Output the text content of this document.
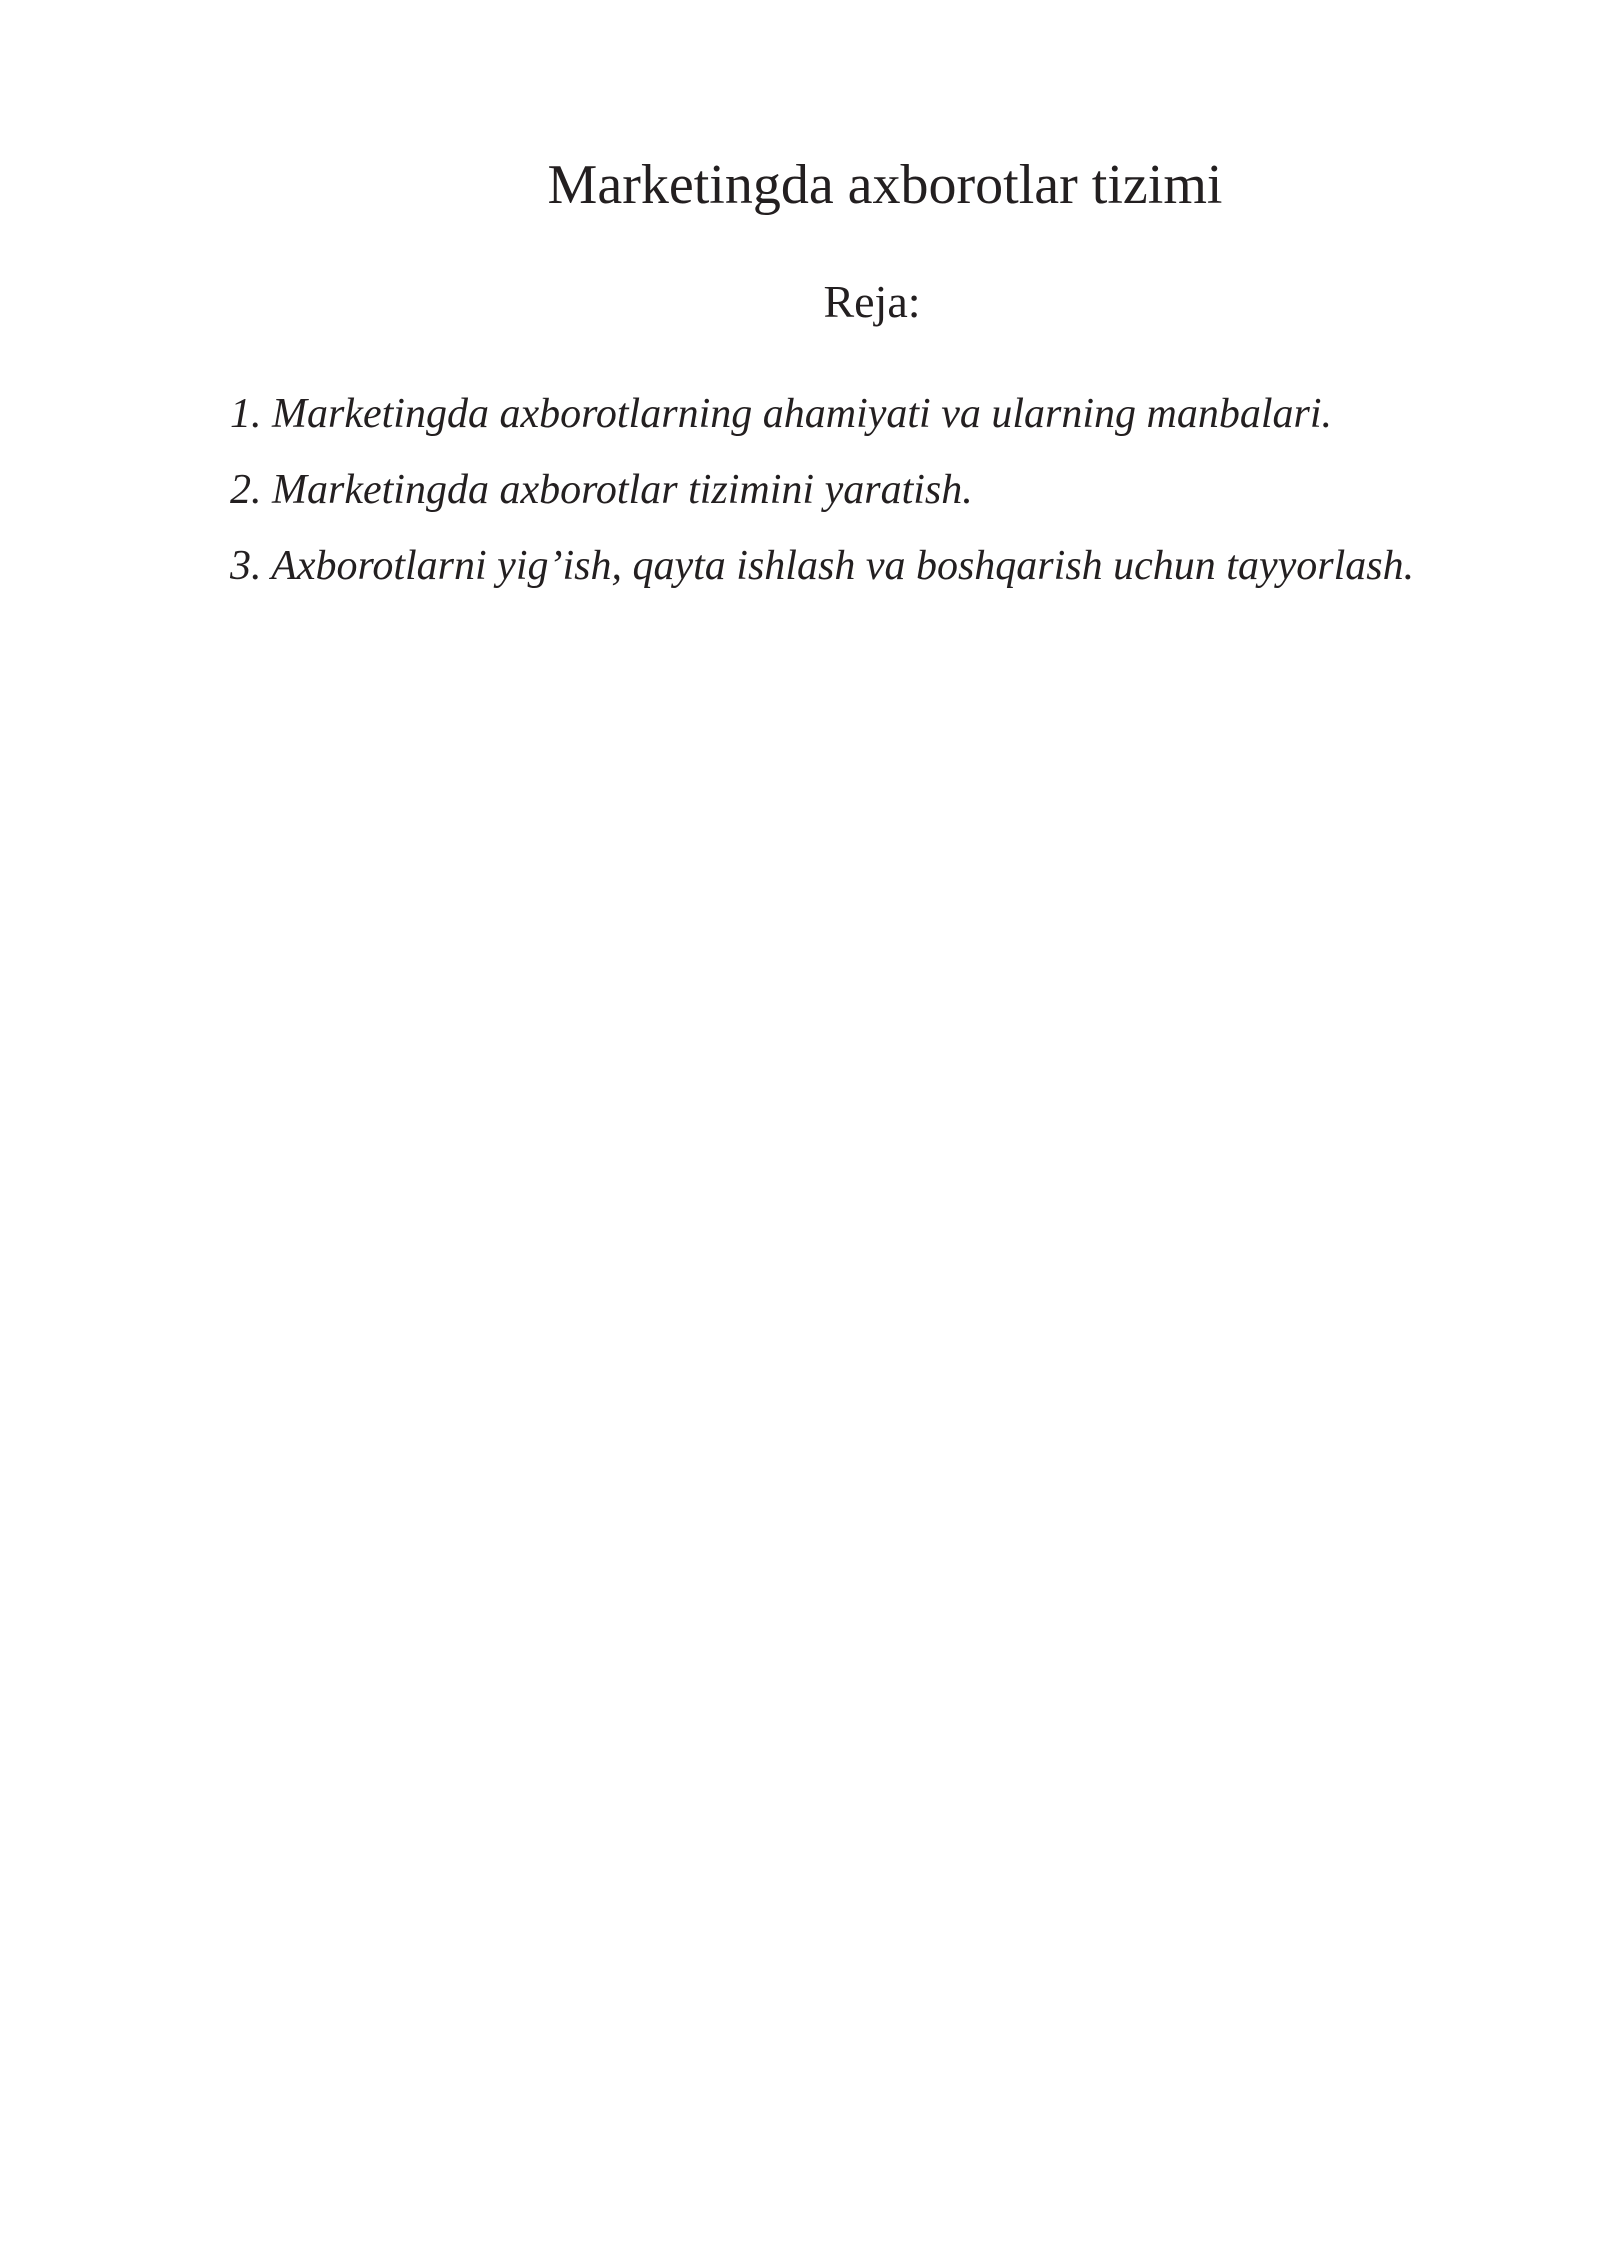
Marketingda axborotlar tizimi
Reja:
1. Marketingda axborotlarning ahamiyati va ularning manbalari.
2. Marketingda axborotlar tizimini yaratish.
3. Axborotlarni yig’ish, qayta ishlash va boshqarish uchun tayyorlash.
